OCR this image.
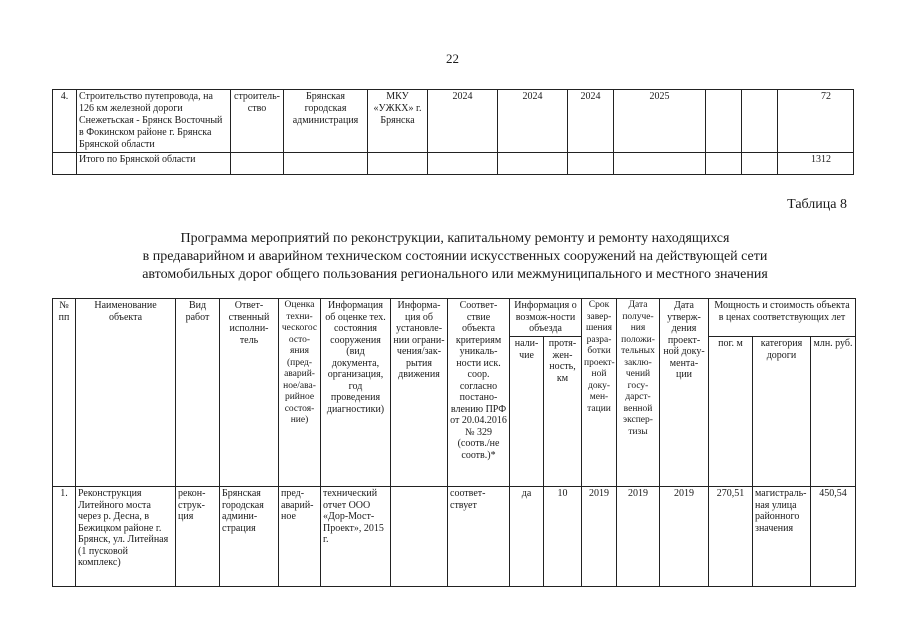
22
4.	Строительство путепровода, на 126 км железной дороги Снежетьская - Брянск Восточный в Фокинском районе г. Брянска Брянской области	строитель-ство	Брянская городская администрация	МКУ «УЖКХ» г. Брянска	2024	2024	2024	2025			72
	Итого по Брянской области										1312
Таблица 8
Программа мероприятий по реконструкции, капитальному ремонту и ремонту находящихся
в предаварийном и аварийном техническом состоянии искусственных сооружений на действующей сети
автомобильных дорог общего пользования регионального или межмуниципального и местного значения
№ пп	Наименование объекта	Вид работ	Ответ-ственный исполни-тель	Оценка техни-ческогос осто-яния (пред-аварий-ное/ава-рийное состоя-ние)	Информация об оценке тех. состояния сооружения (вид документа, организация, год проведения диагностики)	Информа-ция об установле-нии ограни-чения/зак-рытия движения	Соответ-ствие объекта критериям уникаль-ности иск. соор. согласно постано-влению ПРФ от 20.04.2016 № 329 (соотв./не соотв.)*	Информация о возмож-ности объезда		Срок завер-шения разра-ботки проект-ной доку-мен-тации	Дата получе-ния положи-тельных заклю-чений госу-дарст-венной экспер-тизы	Дата утверж-дения проект-ной доку-мента-ции	Мощность и стоимость объекта в ценах соответствующих лет		
								нали-чие	протя-жен-ность, км				пог. м	категория дороги	млн. руб.
1.	Реконструкция Литейного моста через р. Десна, в Бежицком районе г. Брянск, ул. Литейная (1 пусковой комплекс)	рекон-струк-ция	Брянская городская админи-страция	пред-аварий-ное	технический отчет ООО «Дор-Мост-Проект», 2015 г.		соответ-ствует	да	10	2019	2019	2019	270,51	магистраль-ная улица районного значения	450,54
